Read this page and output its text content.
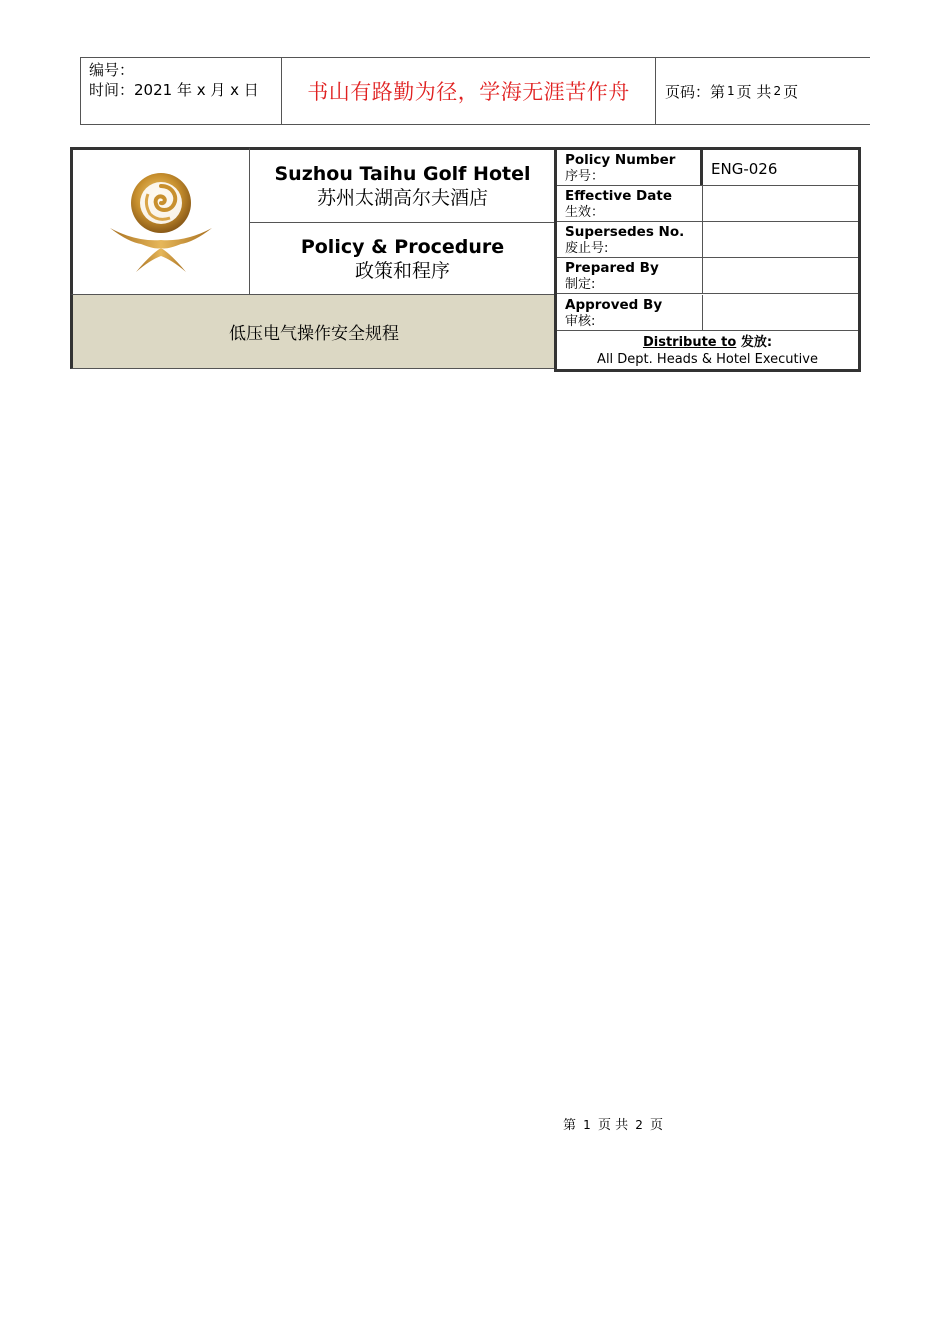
编号：
时间：2021 年 x 月 x 日	书山有路勤为径，学海无涯苦作舟	页码：第 1 页 共 2 页
Suzhou Taihu Golf Hotel
苏州太湖高尔夫酒店
Policy & Procedure
政策和程序
低压电气操作安全规程
Policy Number
序号：	ENG-026
Effective Date
生效：
Supersedes No.
废止号:
Prepared By
制定:
Approved By
审核:
Distribute to 发放:
All Dept. Heads & Hotel Executive
第 1 页 共 2 页
